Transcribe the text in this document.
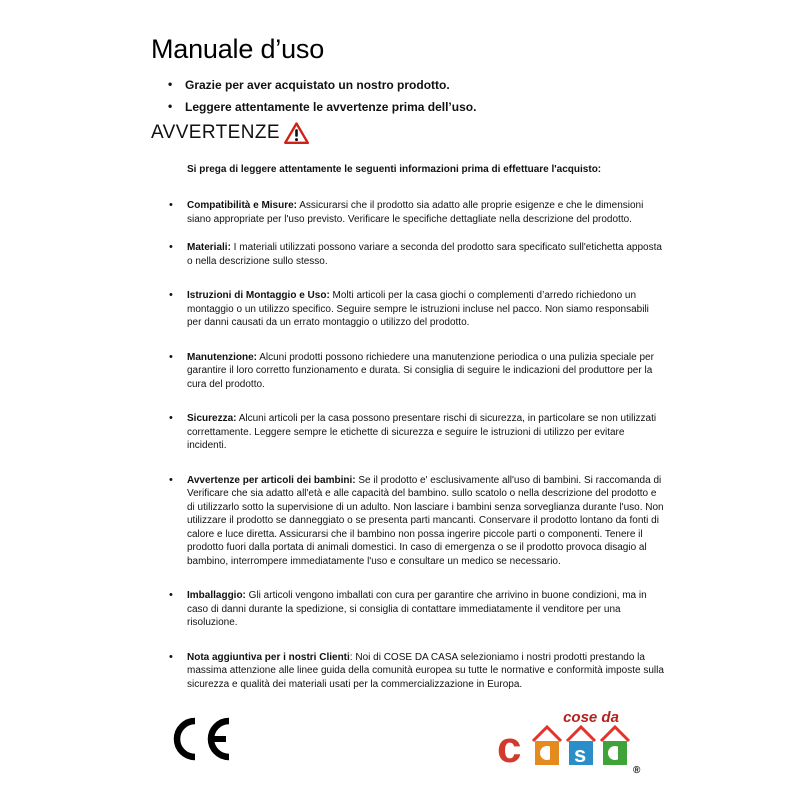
Manuale d’uso
• Grazie per aver acquistato un nostro prodotto.
• Leggere attentamente le avvertenze prima dell’uso.
AVVERTENZE

Si prega di leggere attentamente le seguenti informazioni prima di effettuare l'acquisto:

• Compatibilità e Misure: Assicurarsi che il prodotto sia adatto alle proprie esigenze e che le dimensioni siano appropriate per l'uso previsto. Verificare le specifiche dettagliate nella descrizione del prodotto.
• Materiali: I materiali utilizzati possono variare a seconda del prodotto sara specificato sull'etichetta apposta o nella descrizione sullo stesso.
• Istruzioni di Montaggio e Uso: Molti articoli per la casa giochi o complementi d’arredo richiedono un montaggio o un utilizzo specifico. Seguire sempre le istruzioni incluse nel pacco. Non siamo responsabili per danni causati da un errato montaggio o utilizzo del prodotto.
• Manutenzione: Alcuni prodotti possono richiedere una manutenzione periodica o una pulizia speciale per garantire il loro corretto funzionamento e durata. Si consiglia di seguire le indicazioni del produttore per la cura del prodotto.
• Sicurezza: Alcuni articoli per la casa possono presentare rischi di sicurezza, in particolare se non utilizzati correttamente. Leggere sempre le etichette di sicurezza e seguire le istruzioni di utilizzo per evitare incidenti.
• Avvertenze per articoli dei bambini: Se il prodotto e' esclusivamente all'uso di bambini. Si raccomanda di Verificare che sia adatto all'età e alle capacità del bambino. sullo scatolo o nella descrizione del prodotto e di utilizzarlo sotto la supervisione di un adulto. Non lasciare i bambini senza sorveglianza durante l'uso. Non utilizzare il prodotto se danneggiato o se presenta parti mancanti. Conservare il prodotto lontano da fonti di calore e luce diretta. Assicurarsi che il bambino non possa ingerire piccole parti o componenti. Tenere il prodotto fuori dalla portata di animali domestici. In caso di emergenza o se il prodotto provoca disagio al bambino, interrompere immediatamente l'uso e consultare un medico se necessario.
• Imballaggio: Gli articoli vengono imballati con cura per garantire che arrivino in buone condizioni, ma in caso di danni durante la spedizione, si consiglia di contattare immediatamente il venditore per una risoluzione.
• Nota aggiuntiva per i nostri Clienti: Noi di COSE DA CASA selezioniamo i nostri prodotti prestando la massima attenzione alle linee guida della comunità europea su tutte le normative e conformità imposte sulla sicurezza e qualità dei materiali usati per la commercializzazione in Europa.
cose da
c s
®
